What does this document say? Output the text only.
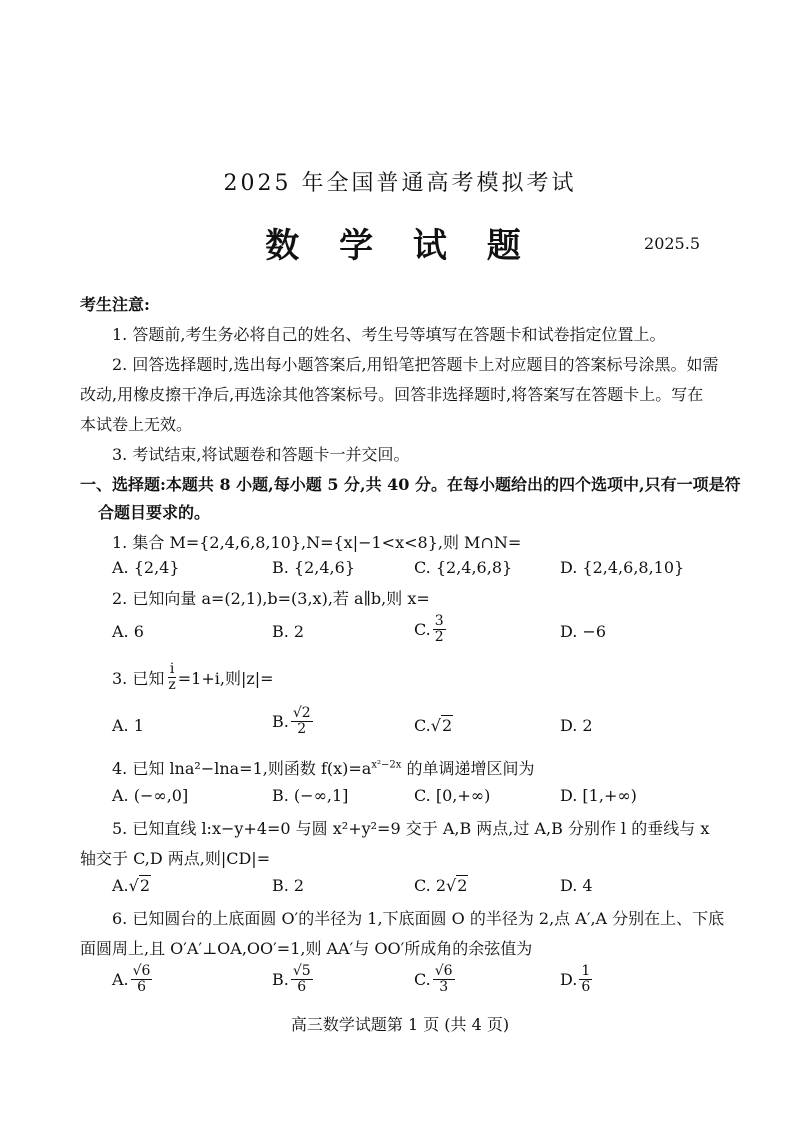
2025 年全国普通高考模拟考试
数 学 试 题	2025.5
考生注意:
1. 答题前,考生务必将自己的姓名、考生号等填写在答题卡和试卷指定位置上。
2. 回答选择题时,选出每小题答案后,用铅笔把答题卡上对应题目的答案标号涂黑。如需
改动,用橡皮擦干净后,再选涂其他答案标号。回答非选择题时,将答案写在答题卡上。写在
本试卷上无效。
3. 考试结束,将试题卷和答题卡一并交回。
一、选择题:本题共 8 小题,每小题 5 分,共 40 分。在每小题给出的四个选项中,只有一项是符
合题目要求的。
1. 集合 M={2,4,6,8,10},N={x|−1<x<8},则 M∩N=
A. {2,4}	B. {2,4,6}	C. {2,4,6,8}	D. {2,4,6,8,10}
2. 已知向量 a=(2,1),b=(3,x),若 a∥b,则 x=
A. 6	B. 2	C. $\frac{3}{2}$	D. −6
3. 已知 $\frac{i}{z} =1+i$,则|z|=
A. 1	B. $\frac{√2}{2}$	C. √2	D. 2
4. 已知 lna²−lna=1,则函数 $f(x)=a^{x^2-2x}$ 的单调递增区间为
A. (−∞,0]	B. (−∞,1]	C. [0,+∞)	D. [1,+∞)
5. 已知直线 l:x−y+4=0 与圆 x²+y²=9 交于 A,B 两点,过 A,B 分别作 l 的垂线与 x
轴交于 C,D 两点,则|CD|=
A. √2	B. 2	C. 2 √2	D. 4
6. 已知圆台的上底面圆 O′的半径为 1,下底面圆 O 的半径为 2,点 A′,A 分别在上、下底
面圆周上,且 O′A′⊥OA,OO′=1,则 AA′与 OO′所成角的余弦值为
A. $\frac{√6}{6}$	B. $\frac{√5}{6}$	C. $\frac{√6}{3}$	D. $\frac{1}{6}$
高三数学试题第 1 页 (共 4 页)
